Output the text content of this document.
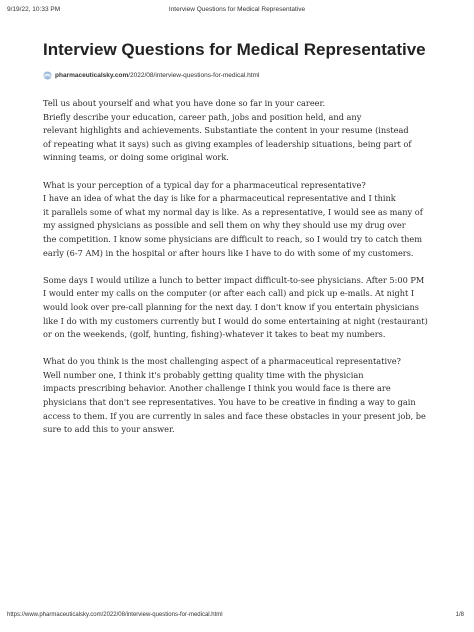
9/19/22, 10:33 PM	Interview Questions for Medical Representative
Interview Questions for Medical Representative
pharmaceuticalsky.com /2022/08/interview-questions-for-medical.html

Tell us about yourself and what you have done so far in your career.
Briefly describe your education, career path, jobs and position held, and any
relevant highlights and achievements. Substantiate the content in your resume (instead
of repeating what it says) such as giving examples of leadership situations, being part of
winning teams, or doing some original work.

What is your perception of a typical day for a pharmaceutical representative?
I have an idea of what the day is like for a pharmaceutical representative and I think
it parallels some of what my normal day is like. As a representative, I would see as many of
my assigned physicians as possible and sell them on why they should use my drug over
the competition. I know some physicians are difficult to reach, so I would try to catch them
early (6-7 AM) in the hospital or after hours like I have to do with some of my customers.

Some days I would utilize a lunch to better impact difficult-to-see physicians. After 5:00 PM
I would enter my calls on the computer (or after each call) and pick up e-mails. At night I
would look over pre-call planning for the next day. I don't know if you entertain physicians
like I do with my customers currently but I would do some entertaining at night (restaurant)
or on the weekends, (golf, hunting, fishing)-whatever it takes to beat my numbers.

What do you think is the most challenging aspect of a pharmaceutical representative?
Well number one, I think it's probably getting quality time with the physician
impacts prescribing behavior. Another challenge I think you would face is there are
physicians that don't see representatives. You have to be creative in finding a way to gain
access to them. If you are currently in sales and face these obstacles in your present job, be
sure to add this to your answer.

https://www.pharmaceuticalsky.com/2022/08/interview-questions-for-medical.html	1/8
